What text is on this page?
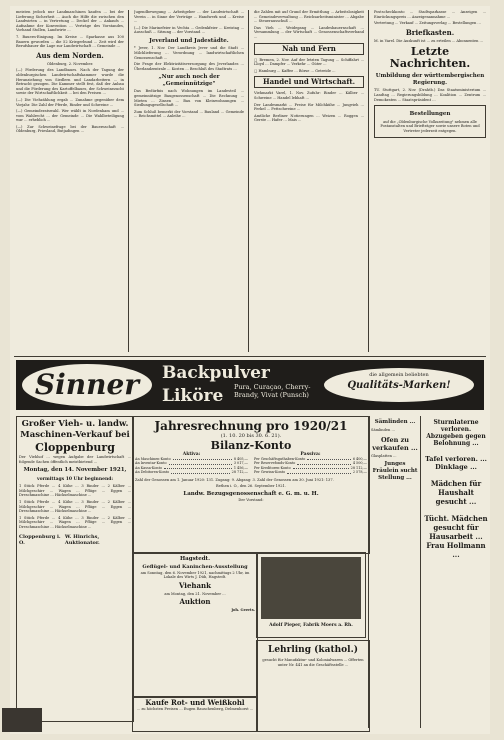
meisten jedoch nur Landmaschinen kaufen ... bei der Lieferung Sicherheit ... Auch die Hilfe die zwischen den Landwirten ... in Vertretung ... Deckel der ... Ankaufs ... Aufnahme der Konvention ... Verträge des Vorstandes, Vorhand Stollen, Landwirte ...

7. Bauern-Einigung. Im Kreise ... Sparkasse aus 100 Bauern geworden ... die 52 Kriegerbund ... Zeit wird der Berufsbauer die Lage zur Landwirtschaft ... Gemeinde ...

Aus dem Norden.
Oldenburg, 2. November.

(—) Förderung des Landbaues. Nach der Tagung der oldenburgischen Landwirtschaftskammer wurde die Heranziehung von Siedlern und Landarbeitern ... in Betracht gezogen. Die Kammer stellt fest, daß der Anbau und die Förderung des Kartoffelbaues, der Schweinezucht sowie der Wirtschaftlichkeit ... bei den Preisen ...

(—) Die Viehzählung ergab ... Zunahme gegenüber dem Vorjahr. Die Zahl der Pferde, Rinder und Schweine ...

(—) Gemeinderatswahl. Wer wählt in Nordenham und ... vom Wahlrecht ... der Gemeinde ... Die Wahlbeteiligung war ... erheblich ...

(—) Zur Schweinefrage bei der Bauernschaft ... Oldenburg, Friesland, Butjadingen ...

Jugendbewegung ... Arbeitgeber ... der Landwirtschaft ... Verein ... in Sinne der Verträge ... Handwerk und ... Kreise ...

(—) Die Marinefeier in Vechta ... Gedenkfeier ... Kreistag ... Ausschuß ... Sitzung ... der Vorstand ...

Jeverland und Jadestädte.

* Jever, 1. Nov. Der Landkreis Jever und die Stadt ... Milchlieferung ... Verordnung ... landwirtschaftlichen Genossenschaft ...

Die Frage der Elektrizitätsversorgung des Jeverlandes ... Überlandzentrale ... Kosten ... Beschluß des Stadtrats ...

„Nur auch noch der „Gemeinnützige"

Das Bedürfnis nach Wohnungen im Landesteil ... gemeinnützige Baugenossenschaft ... Die Rechnung ... Mieten ... Zinsen ... Bau von Kleinwohnungen ... Siedlungsgesellschaft ...

Zum Schluß bemerkt der Vorstand ... Bauland ... Gemeinde ... Reichsmittel ... Anleihe ...

die Zahlen mit auf Grund der Ermittlung ... Arbeitslosigkeit ... Gemeindeverwaltung ... Reichsarbeitsminister ... Abgabe ... Steuerausschuß ...

Das Vieh ... Weidegang ... Landesbauernschaft ... Versammlung ... der Wirtschaft ... Genossenschaftsverband ...

Nah und Fern

□ Bremen, 2. Nov. Auf der letzten Tagung ... Schiffahrt ... Lloyd ... Dampfer ... Verkehr ... Güter ...

□ Hamburg ... Kaffee ... Börse ... Getreide ...

Handel und Wirtschaft.

Viehmarkt Varel, 1. Nov. Zufuhr: Rinder ... Kälber ... Schweine ... Handel lebhaft ...

Der Landesmarkt ... Preise für Milchkühe ... Jungvieh ... Ferkel ... Fettschweine ...

Amtliche Berliner Notierungen ... Weizen ... Roggen ... Gerste ... Hafer ... Mais ...

Postscheckkonto ... Stadtsparkasse ... Anzeigen ... Einrückungspreis ... Anzeigenannahme ...

Vertretung ... Verkauf ... Zeitungsverlag ... Bestellungen ...

Briefkasten.

M. in Varel. Die Auskunft ist ... zu erteilen ... Abonnenten ...

Letzte Nachrichten.
Umbildung der württembergischen Regierung.

TU. Stuttgart, 2. Nov. (Drahtb.) Das Staatsministerium ... Landtag ... Regierungsbildung ... Koalition ... Zentrum ... Demokraten ... Staatspräsident ...

Bestellungen

auf die „Oldenburgische Volkszeitung" nehmen alle Postanstalten und Briefträger sowie unsere Boten und Vertreter jederzeit entgegen.

Sinner	Backpulver
Liköre	Pura, Curaçao, Cherry-Brandy, Vivat (Punsch)
die allgemein beliebten
Qualitäts-Marken!
Großer Vieh- u. landw.
Maschinen-Verkauf bei
Cloppenburg

Der Viehhof ... wegen Aufgabe der Landwirtschaft ... folgende Sachen öffentlich meistbietend ...

Montag, den 14. November 1921,
vormittags 10 Uhr beginnend:

1 Stück Pferde ... 4 Kühe ... 3 Rinder ... 2 Kälber ... Milchgeschirr ... Wagen ... Pflüge ... Eggen ... Dreschmaschine ... Häckselmaschine ...

1 Stück Pferde ... 4 Kühe ... 3 Rinder ... 2 Kälber ... Milchgeschirr ... Wagen ... Pflüge ... Eggen ... Dreschmaschine ... Häckselmaschine ...

1 Stück Pferde ... 4 Kühe ... 3 Rinder ... 2 Kälber ... Milchgeschirr ... Wagen ... Pflüge ... Eggen ... Dreschmaschine ... Häckselmaschine ...

Cloppenburg i. O.
W. Hinrichs, Auktionator.
Jahresrechnung pro 1920/21
(1. 10. 20 bis 30. 6. 21).
Bilanz-Konto
Aktiva:
An Maschinen-Konto	8 405,—
An Inventar-Konto	3 017,—
An Kassa-Konto	1 456,—
An Debitoren-Konto	28 712,—
Passiva:
Per Geschäftsguthaben-Konto	6 400,—
Per Reservefonds-Konto	4 500,—
Per Kreditoren-Konto	28 112,—
Per Gewinn-Konto	2 578,—

Zahl der Genossen am 1. Januar 1920: 131. Zugang: 9. Abgang: 3. Zahl der Genossen am 30. Juni 1921: 137.

Bethen i. O., den 26. September 1921.
Landw. Bezugsgenossenschaft e. G. m. u. H.
Der Vorstand:
Hagstedt.
Geflügel- und Kaninchen-Ausstellung

am Sonntag, den 6. November 1921, nachmittags 2 Uhr, im Lokale des Wirts J. Düb, Hagstedt.

Viehank

am Montag, den 21. November ...

Auktion
Joh. Geerts.
Kaufe Rot- und Weißkohl

... zu höchsten Preisen ... Eugen Rauschenberg, Delmenhorst ...

Adolf Pieper, Fabrik Moers a. Rh.
Lehrling (kathol.)

gesucht für Manufaktur- und Kolonialwaren ... Offerten unter Nr. 441 an die Geschäftsstelle ...

Sämlinden ...

Sämlinden ...

Ofen zu verkaufen ...

Glasplatten ...

Junges Fräulein sucht Stellung ...
Sturmlaterne verloren. Abzugeben gegen Belohnung ...
Tafel verloren. ... Dinklage ...
Mädchen für Haushalt gesucht ...
Tücht. Mädchen gesucht für Hausarbeit ... Frau Hollmann ...
